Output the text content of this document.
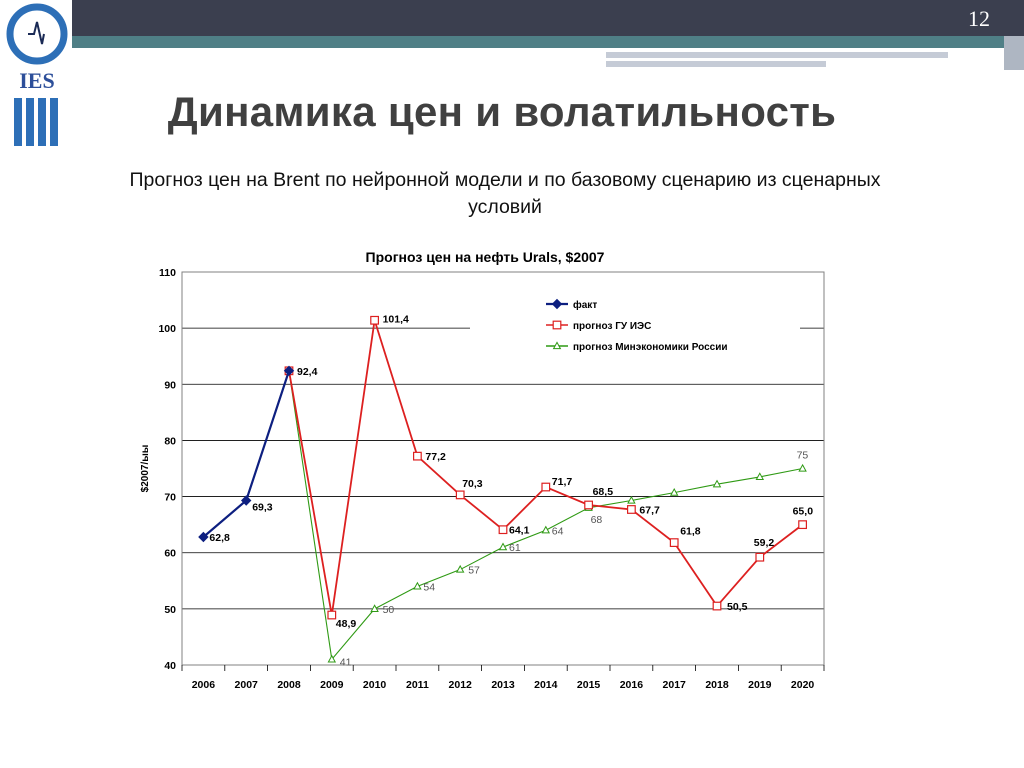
12
IES
Динамика цен и волатильность
Прогноз цен на Brent по нейронной модели и по базовому сценарию из сценарных условий
Прогноз цен на нефть Urals, $2007
40
50
60
70
80
90
100
110
2006 2007 2008 2009 2010 2011 2012 2013 2014 2015 2016 2017 2018 2019 2020
$2007/ыы
41
50
54
57
61
64
68
75
48,9
101,4
77,2
70,3
64,1
71,7
68,5
67,7
61,8
50,5
59,2
65,0
62,8
69,3
92,4
факт
прогноз ГУ ИЭС
прогноз Минэкономики России
